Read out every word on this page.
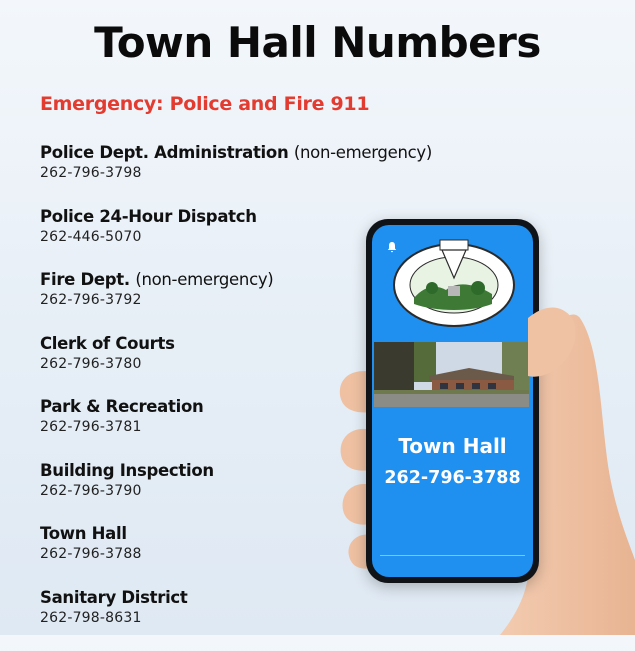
Town Hall Numbers
Emergency: Police and Fire 911
Police Dept. Administration (non-emergency)
262-796-3798
Police 24-Hour Dispatch
262-446-5070
Fire Dept. (non-emergency)
262-796-3792
Clerk of Courts
262-796-3780
Park & Recreation
262-796-3781
Building Inspection
262-796-3790
Town Hall
262-796-3788
Sanitary District
262-798-8631
Town Hall
262-796-3788
